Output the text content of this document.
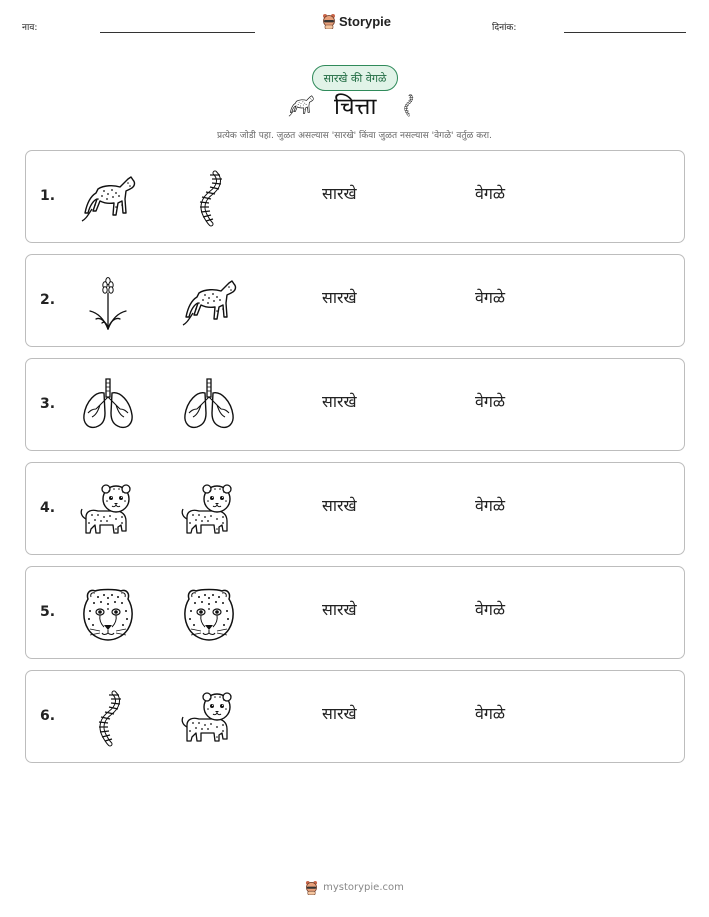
नाव:	Storypie	दिनांक:
सारखे की वेगळे
चित्ता
प्रत्येक जोडी पहा. जुळत असल्यास 'सारखे' किंवा जुळत नसल्यास 'वेगळे' वर्तुळ करा.
1.	सारखे	वेगळे
2.	सारखे	वेगळे
3.	सारखे	वेगळे
4.	सारखे	वेगळे
5.	सारखे	वेगळे
6.	सारखे	वेगळे
mystorypie.com
